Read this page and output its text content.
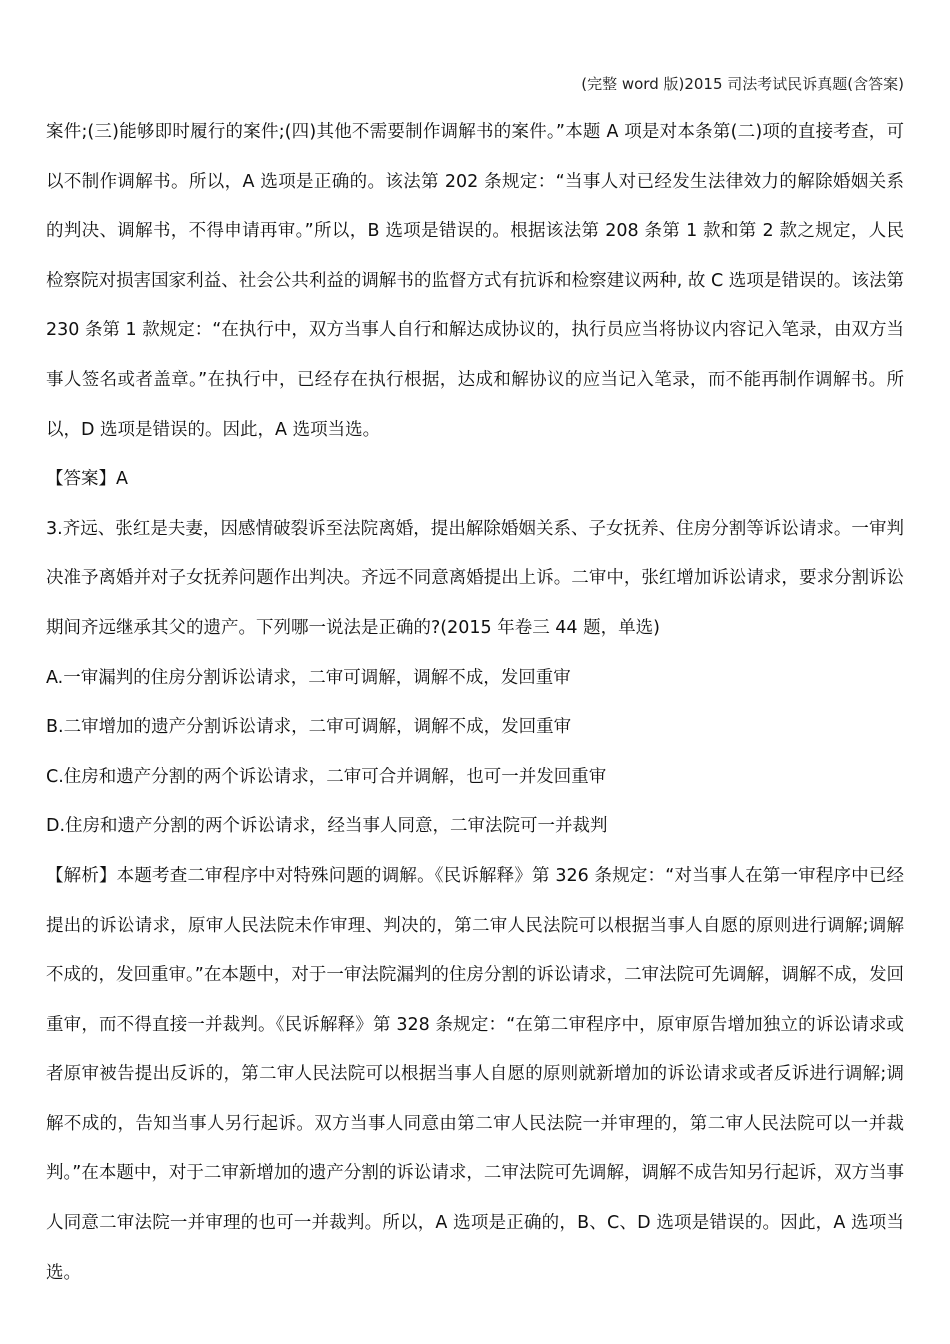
(完整 word 版)2015 司法考试民诉真题(含答案)

案件;(三)能够即时履行的案件;(四)其他不需要制作调解书的案件。”本题 A 项是对本条第(二)项的直接考查，可以不制作调解书。所以，A 选项是正确的。该法第 202 条规定：“当事人对已经发生法律效力的解除婚姻关系的判决、调解书，不得申请再审。”所以，B 选项是错误的。根据该法第 208 条第 1 款和第 2 款之规定，人民检察院对损害国家利益、社会公共利益的调解书的监督方式有抗诉和检察建议两种, 故 C 选项是错误的。该法第 230 条第 1 款规定：“在执行中，双方当事人自行和解达成协议的，执行员应当将协议内容记入笔录，由双方当事人签名或者盖章。”在执行中，已经存在执行根据，达成和解协议的应当记入笔录，而不能再制作调解书。所以，D 选项是错误的。因此，A 选项当选。

【答案】A

3.齐远、张红是夫妻，因感情破裂诉至法院离婚，提出解除婚姻关系、子女抚养、住房分割等诉讼请求。一审判决准予离婚并对子女抚养问题作出判决。齐远不同意离婚提出上诉。二审中，张红增加诉讼请求，要求分割诉讼期间齐远继承其父的遗产。下列哪一说法是正确的?(2015 年卷三 44 题，单选)

A.一审漏判的住房分割诉讼请求，二审可调解，调解不成，发回重审

B.二审增加的遗产分割诉讼请求，二审可调解，调解不成，发回重审

C.住房和遗产分割的两个诉讼请求，二审可合并调解，也可一并发回重审

D.住房和遗产分割的两个诉讼请求，经当事人同意，二审法院可一并裁判

【解析】本题考查二审程序中对特殊问题的调解。《民诉解释》第 326 条规定：“对当事人在第一审程序中已经提出的诉讼请求，原审人民法院未作审理、判决的，第二审人民法院可以根据当事人自愿的原则进行调解;调解不成的，发回重审。”在本题中，对于一审法院漏判的住房分割的诉讼请求，二审法院可先调解，调解不成，发回重审，而不得直接一并裁判。《民诉解释》第 328 条规定：“在第二审程序中，原审原告增加独立的诉讼请求或者原审被告提出反诉的，第二审人民法院可以根据当事人自愿的原则就新增加的诉讼请求或者反诉进行调解;调解不成的，告知当事人另行起诉。双方当事人同意由第二审人民法院一并审理的，第二审人民法院可以一并裁判。”在本题中，对于二审新增加的遗产分割的诉讼请求，二审法院可先调解，调解不成告知另行起诉，双方当事人同意二审法院一并审理的也可一并裁判。所以，A 选项是正确的，B、C、D 选项是错误的。因此，A 选项当选。
